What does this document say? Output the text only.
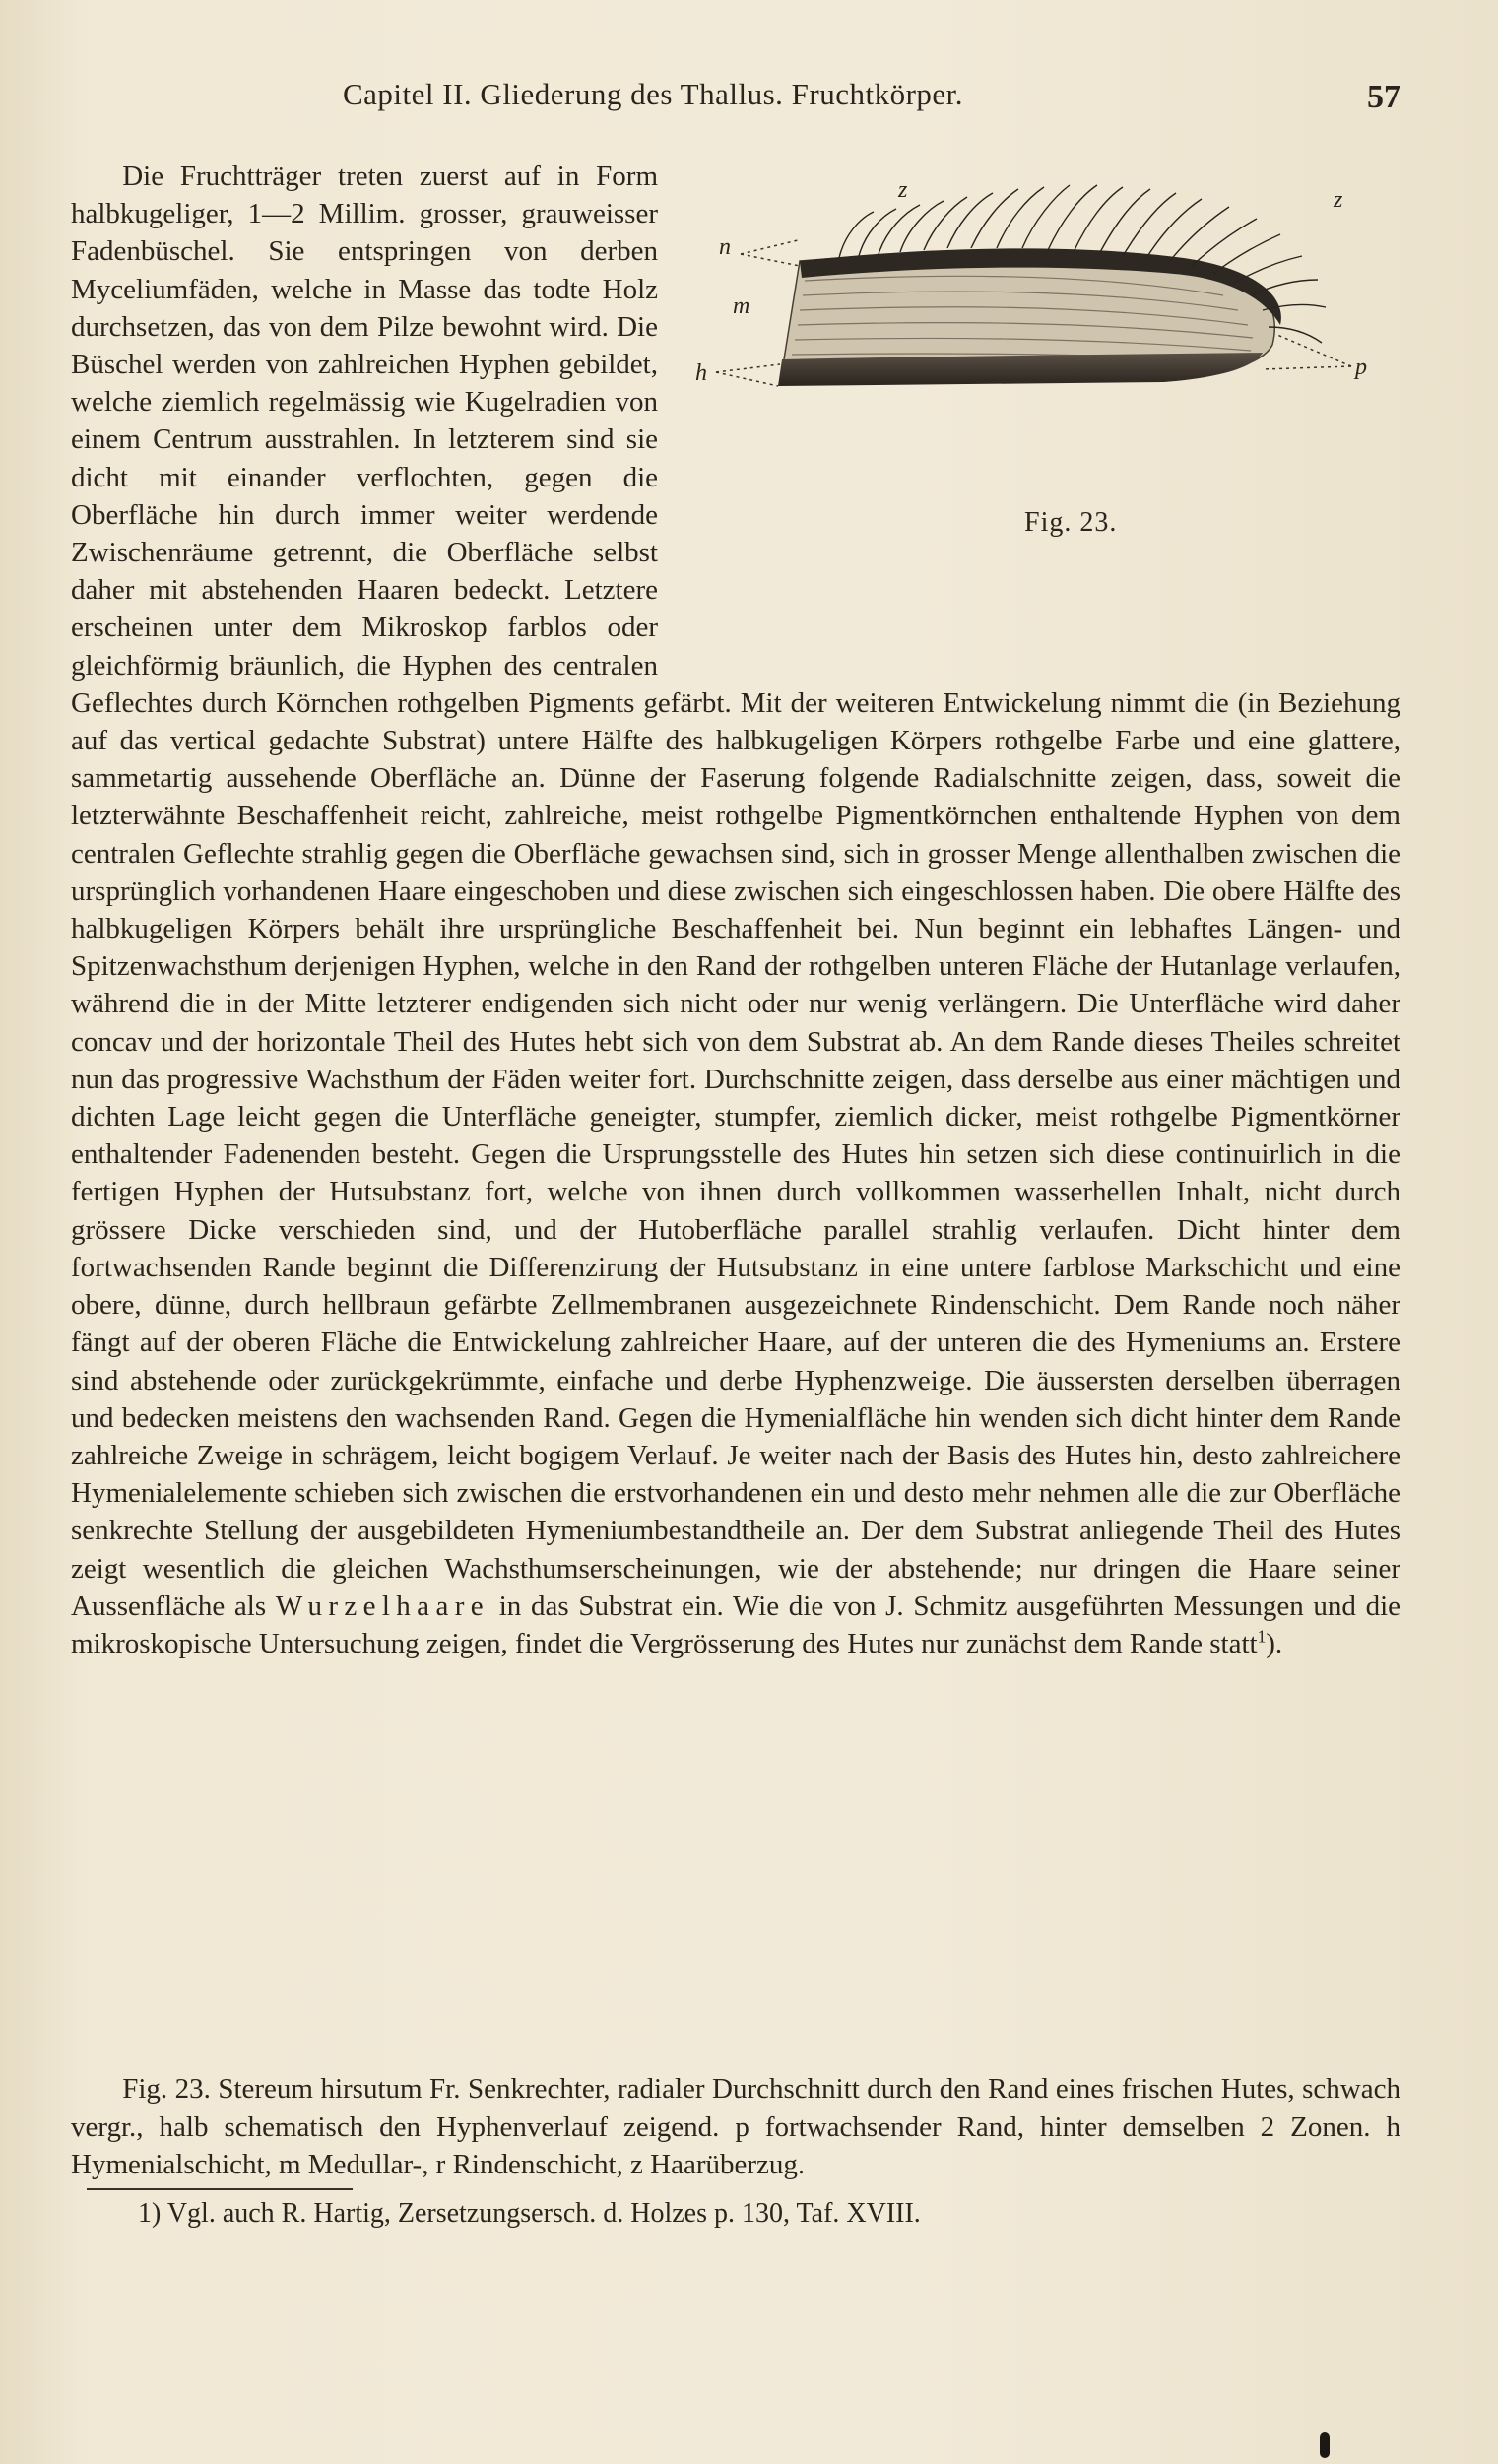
Capitel II. Gliederung des Thallus. Fruchtkörper.	57
z	z
n
m
h	p
Fig. 23.

Die Fruchtträger treten zuerst auf in Form halbkugeliger, 1—2 Millim. grosser, grauweisser Fadenbüschel. Sie entspringen von derben Myceliumfäden, welche in Masse das todte Holz durchsetzen, das von dem Pilze bewohnt wird. Die Büschel werden von zahlreichen Hyphen gebildet, welche ziemlich regelmässig wie Kugelradien von einem Centrum ausstrahlen. In letzterem sind sie dicht mit einander verflochten, gegen die Oberfläche hin durch immer weiter werdende Zwischenräume getrennt, die Oberfläche selbst daher mit abstehenden Haaren bedeckt. Letztere erscheinen unter dem Mikroskop farblos oder gleichförmig bräunlich, die Hyphen des centralen Geflechtes durch Körnchen rothgelben Pigments gefärbt. Mit der weiteren Entwickelung nimmt die (in Beziehung auf das vertical gedachte Substrat) untere Hälfte des halbkugeligen Körpers rothgelbe Farbe und eine glattere, sammetartig aussehende Oberfläche an. Dünne der Faserung folgende Radialschnitte zeigen, dass, soweit die letzterwähnte Beschaffenheit reicht, zahlreiche, meist rothgelbe Pigmentkörnchen enthaltende Hyphen von dem centralen Geflechte strahlig gegen die Oberfläche gewachsen sind, sich in grosser Menge allenthalben zwischen die ursprünglich vorhandenen Haare eingeschoben und diese zwischen sich eingeschlossen haben. Die obere Hälfte des halbkugeligen Körpers behält ihre ursprüngliche Beschaffenheit bei. Nun beginnt ein lebhaftes Längen- und Spitzenwachsthum derjenigen Hyphen, welche in den Rand der rothgelben unteren Fläche der Hutanlage verlaufen, während die in der Mitte letzterer endigenden sich nicht oder nur wenig verlängern. Die Unterfläche wird daher concav und der horizontale Theil des Hutes hebt sich von dem Substrat ab. An dem Rande dieses Theiles schreitet nun das progressive Wachsthum der Fäden weiter fort. Durchschnitte zeigen, dass derselbe aus einer mächtigen und dichten Lage leicht gegen die Unterfläche geneigter, stumpfer, ziemlich dicker, meist rothgelbe Pigmentkörner enthaltender Fadenenden besteht. Gegen die Ursprungsstelle des Hutes hin setzen sich diese continuirlich in die fertigen Hyphen der Hutsubstanz fort, welche von ihnen durch vollkommen wasserhellen Inhalt, nicht durch grössere Dicke verschieden sind, und der Hutoberfläche parallel strahlig verlaufen. Dicht hinter dem fortwachsenden Rande beginnt die Differenzirung der Hutsubstanz in eine untere farblose Markschicht und eine obere, dünne, durch hellbraun gefärbte Zellmembranen ausgezeichnete Rindenschicht. Dem Rande noch näher fängt auf der oberen Fläche die Entwickelung zahlreicher Haare, auf der unteren die des Hymeniums an. Erstere sind abstehende oder zurückgekrümmte, einfache und derbe Hyphenzweige. Die äussersten derselben überragen und bedecken meistens den wachsenden Rand. Gegen die Hymenialfläche hin wenden sich dicht hinter dem Rande zahlreiche Zweige in schrägem, leicht bogigem Verlauf. Je weiter nach der Basis des Hutes hin, desto zahlreichere Hymenialelemente schieben sich zwischen die erstvorhandenen ein und desto mehr nehmen alle die zur Oberfläche senkrechte Stellung der ausgebildeten Hymeniumbestandtheile an. Der dem Substrat anliegende Theil des Hutes zeigt wesentlich die gleichen Wachsthumserscheinungen, wie der abstehende; nur dringen die Haare seiner Aussenfläche als Wurzelhaare in das Substrat ein. Wie die von J. Schmitz ausgeführten Messungen und die mikroskopische Untersuchung zeigen, findet die Vergrösserung des Hutes nur zunächst dem Rande statt$^1$).

Fig. 23. Stereum hirsutum Fr. Senkrechter, radialer Durchschnitt durch den Rand eines frischen Hutes, schwach vergr., halb schematisch den Hyphenverlauf zeigend. p fortwachsender Rand, hinter demselben 2 Zonen. h Hymenialschicht, m Medullar-, r Rindenschicht, z Haarüberzug.

1) Vgl. auch R. Hartig, Zersetzungsersch. d. Holzes p. 130, Taf. XVIII.
